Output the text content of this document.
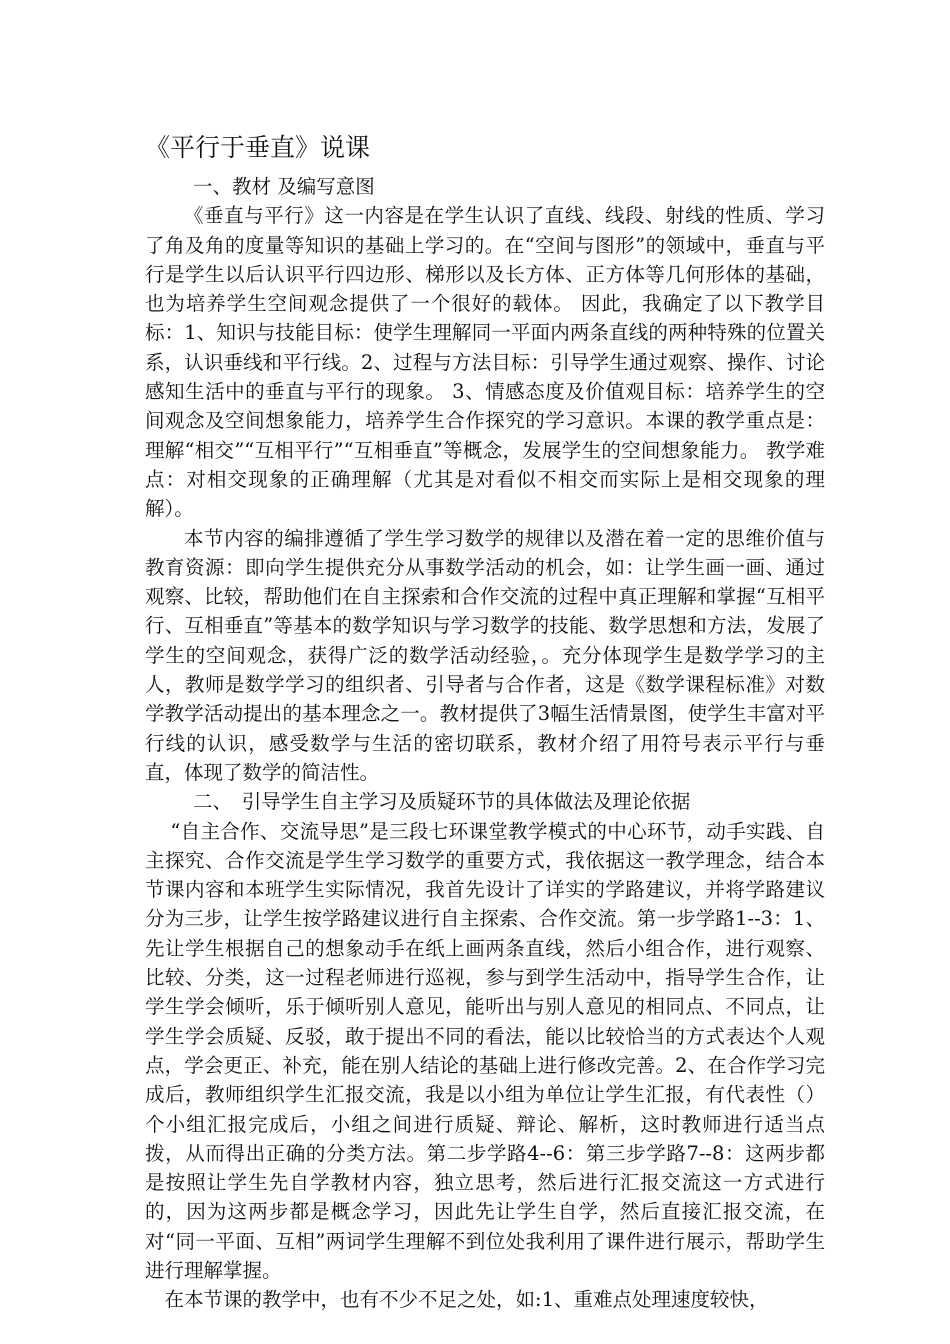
《平行于垂直》说课

一、教材 及编写意图

《垂直与平行》这一内容是在学生认识了直线、线段、射线的性质、学习了角及角的度量等知识的基础上学习的。在“空间与图形”的领域中，垂直与平行是学生以后认识平行四边形、梯形以及长方体、正方体等几何形体的基础，也为培养学生空间观念提供了一个很好的载体。 因此，我确定了以下教学目标：1、知识与技能目标：使学生理解同一平面内两条直线的两种特殊的位置关系，认识垂线和平行线。2、过程与方法目标：引导学生通过观察、操作、讨论感知生活中的垂直与平行的现象。 3、情感态度及价值观目标：培养学生的空间观念及空间想象能力，培养学生合作探究的学习意识。本课的教学重点是：理解“相交”“互相平行”“互相垂直”等概念，发展学生的空间想象能力。 教学难点：对相交现象的正确理解（尤其是对看似不相交而实际上是相交现象的理解）。

本节内容的编排遵循了学生学习数学的规律以及潜在着一定的思维价值与教育资源：即向学生提供充分从事数学活动的机会，如：让学生画一画、通过观察、比较，帮助他们在自主探索和合作交流的过程中真正理解和掌握“互相平行、互相垂直”等基本的数学知识与学习数学的技能、数学思想和方法，发展了学生的空间观念，获得广泛的数学活动经验，。充分体现学生是数学学习的主人，教师是数学学习的组织者、引导者与合作者，这是《数学课程标准》对数学教学活动提出的基本理念之一。教材提供了3幅生活情景图，使学生丰富对平行线的认识，感受数学与生活的密切联系，教材介绍了用符号表示平行与垂直，体现了数学的简洁性。

二、　引导学生自主学习及质疑环节的具体做法及理论依据

“自主合作、交流导思”是三段七环课堂教学模式的中心环节，动手实践、自主探究、合作交流是学生学习数学的重要方式，我依据这一教学理念，结合本节课内容和本班学生实际情况，我首先设计了详实的学路建议，并将学路建议分为三步，让学生按学路建议进行自主探索、合作交流。第一步学路1--3：1、先让学生根据自己的想象动手在纸上画两条直线，然后小组合作，进行观察、比较、分类，这一过程老师进行巡视，参与到学生活动中，指导学生合作，让学生学会倾听，乐于倾听别人意见，能听出与别人意见的相同点、不同点，让学生学会质疑、反驳，敢于提出不同的看法，能以比较恰当的方式表达个人观点，学会更正、补充，能在别人结论的基础上进行修改完善。2、在合作学习完成后，教师组织学生汇报交流，我是以小组为单位让学生汇报，有代表性（）个小组汇报完成后，小组之间进行质疑、辩论、解析，这时教师进行适当点拨，从而得出正确的分类方法。第二步学路4--6：第三步学路7--8：这两步都是按照让学生先自学教材内容，独立思考，然后进行汇报交流这一方式进行的，因为这两步都是概念学习，因此先让学生自学，然后直接汇报交流，在对“同一平面、互相”两词学生理解不到位处我利用了课件进行展示，帮助学生进行理解掌握。

在本节课的教学中，也有不少不足之处，如:1、重难点处理速度较快，
